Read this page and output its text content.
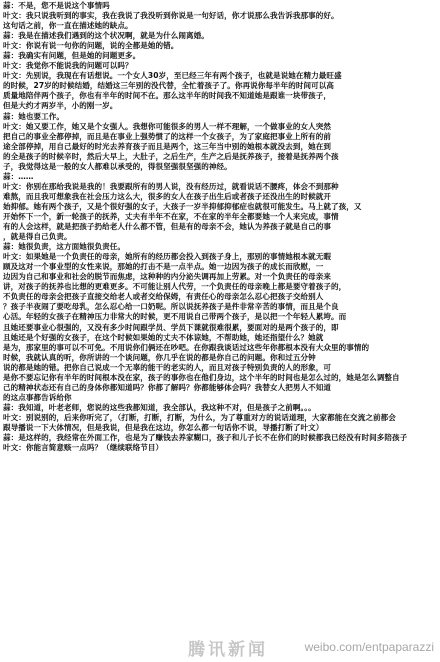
蒜：不是，您不是说这个事情吗
叶文：我只说我听到的事实，我在我说了我没听到你说是一句好话，你才说那么我告诉我那事的好。
这句话之前，你一直在描述她的缺点。
蒜：我是在描述我们遇到的这个状况啊，就是为什么闹离婚。
叶文：你说有说一句你的问题，说的全都是她的错。
蒜：我确实有问题，但是她的问题更多。
叶文：我觉你不能说我的问题可以吗？
叶文：先别说，我现在有话想说。一个女人30岁，至已经三年有两个孩子，也就是说她在精力最旺盛
的时候，27岁的时候结婚，结婚这三年别的没代替，全忙着孩子了。你再说你每半年的时间可以高
质量地陪伴两个孩子，你也有半年的时间不在。那么这半年的时间我不知道她是跟谁一块带孩子，
但是大约才两岁半，小的刚一岁。
蒜：她也要工作。
叶文：她又要工作，她又是个女强人。我想你可能很多的男人一样不理解，一个做事业的女人突然
把自己的事业全都停掉，而且是在事业上强势惯了的这样一个女孩子，为了家庭把事业上所有的前
途全部停掉，用自己最好的时光去养育孩子而且是两个，这三年当中别的她根本就没去到，她在到
的全是孩子的时候辛时，然后大早上，大肚子，之后生产，生产之后是抚养孩子，接着是抚养两个孩
子，我觉得这是一般的女人都难以承受的，得很坚强很坚强的神经。
蒜：……
叶文：你别在那给我说是我的！我要跟所有的男人说，没有经历过，就看说话不腰疼，体会不到那种
难熬，而且我可想象我在社会压力这么大，很多的女人在孩子出生后或者孩子还没出生的时候就开
始抑郁。她有两个孩子，又是个很好强的女子，大孩子一岁半抑郁抑郁症也就很可能发生。马上就了孩，又
开始怀下一个，新一轮孩子的抚养，丈夫有半年不在家，不在家的半年全都要她一个人来完成，事情
有的人会这样，就是把孩子扔给老人什么都不管，但是有的母亲不会，她认为养孩子就是自己的事
，就是得自己负责。
蒜：她很负责，这方面她很负责任。
叶文：如果她是一个负责任的母亲，她所有的经历都会投入到孩子身上，那别的事情她根本就无暇
顾及这对一个事业型的女性来说，那她的打击不是一点半点。她一边因为孩子的成长而欣慰，一
边因为自己和事业和社会的脱节而焦虑，这种种的内分泌失调再加上劳累。对一个负责任的母亲来
讲，对孩子的抚养也比想的更难更多。不可能让别人代劳，一个负责任的母亲晚上都是要守着孩子的，
不负责任的母亲会把孩子直接交给老人或者交给保姆，有责任心的母亲怎么忍心把孩子交给别人
？孩子半夜闹了要吃母乳，怎么忍心给一口奶呢。所以说抚养孩子是件非常辛苦的事情，而且是个良
心活。年轻的女孩子在精神压力非常大的时候，更不用说自己带两个孩子，是以把一个年轻人累垮。而
且她还要事业心很强的，又没有多少时间跟学员、学员下课就很难很累，要面对的是两个孩子的，即
且她还是个好强的女孩子，在这个时候如果她的丈夫不体谅她，不帮助她，她还指望什么？她就
是为，那家里的事可以不可免。不用说你们俩还在吵吧。在你跟我谈话过这些年你都根本没有大众里的事情的
时候，我就认真的听，你所讲的一个谈问题，你几乎在说的都是你自己的问题。你和过五分钟
说的都是她的错。把你自己说成一个无辜的能干的老实的人，而且对孩子特别负责的人的形象，可
是你不要忘记你有半年的时间根本没在家，孩子的事你也在他们身边，这个半年的时间也是怎么过的，她是怎么调整自
己的精神状态还有自己的身体你都知道吗？你都了解吗？你都能够体会吗？我替女人把男人不知道
的这点事都告诉给你
蒜：我知道，叶老老师，您说的这些我都知道，我全部认，我这种不对，但是孩子之前啊。。。
叶文：别说别的，后来你听完了，（打断，打断，打断，为什么，为了尊重对方的说话道理，大家都能在交流之前都会
跟导播说一下大体情况，但是我说，但是我在这边，你怎么都一句话你不说，导播打断了叶文）
蒜：是这样的，我经常在外面工作，也是为了赚钱去养家糊口，孩子和儿子长不在你们的时候都我已经没有时间多陪孩子
叶文：你能言简意赅一点吗？（继续联络节目）
腾讯新闻	weibo.com/entpaparazzi
